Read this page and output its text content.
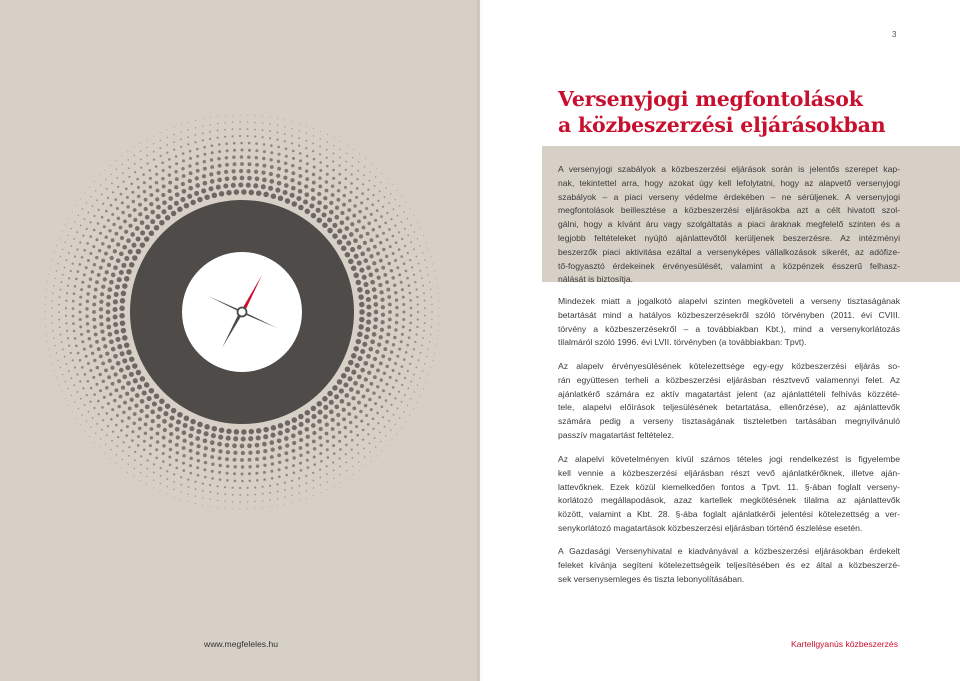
3
Versenyjogi megfontolások
a közbeszerzési eljárásokban
A versenyjogi szabályok a közbeszerzési eljárások során is jelentős szerepet kap-
nak, tekintettel arra, hogy azokat úgy kell lefolytatni, hogy az alapvető versenyjogi
szabályok – a piaci verseny védelme érdekében – ne sérüljenek. A versenyjogi
megfontolások beillesztése a közbeszerzési eljárásokba azt a célt hivatott szol-
gálni, hogy a kívánt áru vagy szolgáltatás a piaci áraknak megfelelő szinten és a
legjobb feltételeket nyújtó ajánlattevőtől kerüljenek beszerzésre. Az intézményi
beszerzők piaci aktivitása ezáltal a versenyképes vállalkozások sikerét, az adófize-
tő-fogyasztó érdekeinek érvényesülését, valamint a közpénzek ésszerű felhasz-
nálását is biztosítja.
Mindezek miatt a jogalkotó alapelvi szinten megköveteli a verseny tisztaságának
betartását mind a hatályos közbeszerzésekről szóló törvényben (2011. évi CVIII.
törvény a közbeszerzésekről – a továbbiakban Kbt.), mind a versenykorlátozás
tilalmáról szóló 1996. évi LVII. törvényben (a továbbiakban: Tpvt).
Az alapelv érvényesülésének kötelezettsége egy-egy közbeszerzési eljárás so-
rán együttesen terheli a közbeszerzési eljárásban résztvevő valamennyi felet. Az
ajánlatkérő számára ez aktív magatartást jelent (az ajánlattételi felhívás közzété-
tele, alapelvi előírások teljesülésének betartatása, ellenőrzése), az ajánlattevők
számára pedig a verseny tisztaságának tiszteletben tartásában megnyilvánuló
passzív magatartást feltételez.
Az alapelvi követelményen kívül számos tételes jogi rendelkezést is figyelembe
kell vennie a közbeszerzési eljárásban részt vevő ajánlatkérőknek, illetve aján-
lattevőknek. Ezek közül kiemelkedően fontos a Tpvt. 11. §-ában foglalt verseny-
korlátozó megállapodások, azaz kartellek megkötésének tilalma az ajánlattevők
között, valamint a Kbt. 28. §-ába foglalt ajánlatkérői jelentési kötelezettség a ver-
senykorlátozó magatartások közbeszerzési eljárásban történő észlelése esetén.
A Gazdasági Versenyhivatal e kiadványával a közbeszerzési eljárásokban érdekelt
feleket kívánja segíteni kötelezettségeik teljesítésében és ez által a közbeszerzé-
sek versenysemleges és tiszta lebonyolításában.
www.megfeleles.hu	Kartellgyanús közbeszerzés
